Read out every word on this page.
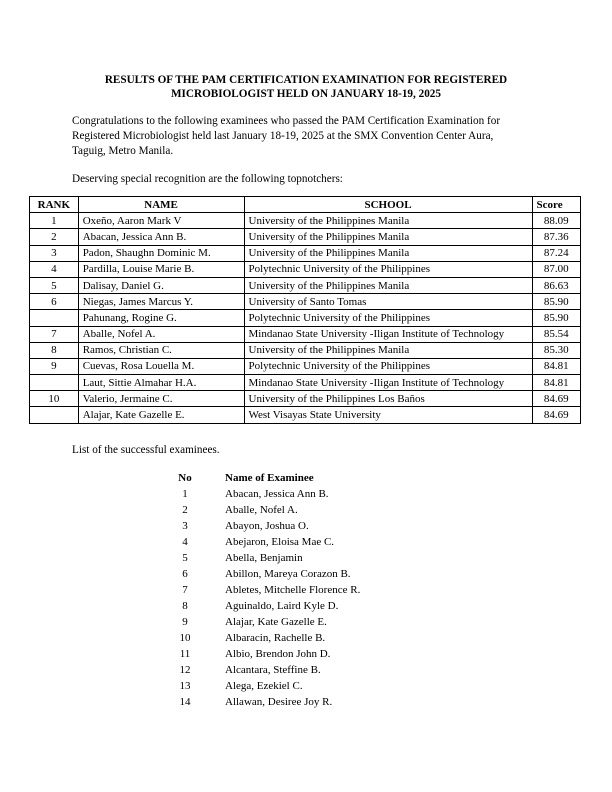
RESULTS OF THE PAM CERTIFICATION EXAMINATION FOR REGISTERED
MICROBIOLOGIST HELD ON JANUARY 18-19, 2025
Congratulations to the following examinees who passed the PAM Certification Examination for
Registered Microbiologist held last January 18-19, 2025 at the SMX Convention Center Aura,
Taguig, Metro Manila.
Deserving special recognition are the following topnotchers:
RANK	NAME	SCHOOL	Score
1	Oxeño, Aaron Mark V	University of the Philippines Manila	88.09
2	Abacan, Jessica Ann B.	University of the Philippines Manila	87.36
3	Padon, Shaughn Dominic M.	University of the Philippines Manila	87.24
4	Pardilla, Louise Marie B.	Polytechnic University of the Philippines	87.00
5	Dalisay, Daniel G.	University of the Philippines Manila	86.63
6	Niegas, James Marcus Y.	University of Santo Tomas	85.90
	Pahunang, Rogine G.	Polytechnic University of the Philippines	85.90
7	Aballe, Nofel A.	Mindanao State University -Iligan Institute of Technology	85.54
8	Ramos, Christian C.	University of the Philippines Manila	85.30
9	Cuevas, Rosa Louella M.	Polytechnic University of the Philippines	84.81
	Laut, Sittie Almahar H.A.	Mindanao State University -Iligan Institute of Technology	84.81
10	Valerio, Jermaine C.	University of the Philippines Los Baños	84.69
	Alajar, Kate Gazelle E.	West Visayas State University	84.69
List of the successful examinees.
No	Name of Examinee
1	Abacan, Jessica Ann B.
2	Aballe, Nofel A.
3	Abayon, Joshua O.
4	Abejaron, Eloisa Mae C.
5	Abella, Benjamin
6	Abillon, Mareya Corazon B.
7	Abletes, Mitchelle Florence R.
8	Aguinaldo, Laird Kyle D.
9	Alajar, Kate Gazelle E.
10	Albaracin, Rachelle B.
11	Albio, Brendon John D.
12	Alcantara, Steffine B.
13	Alega, Ezekiel C.
14	Allawan, Desiree Joy R.
